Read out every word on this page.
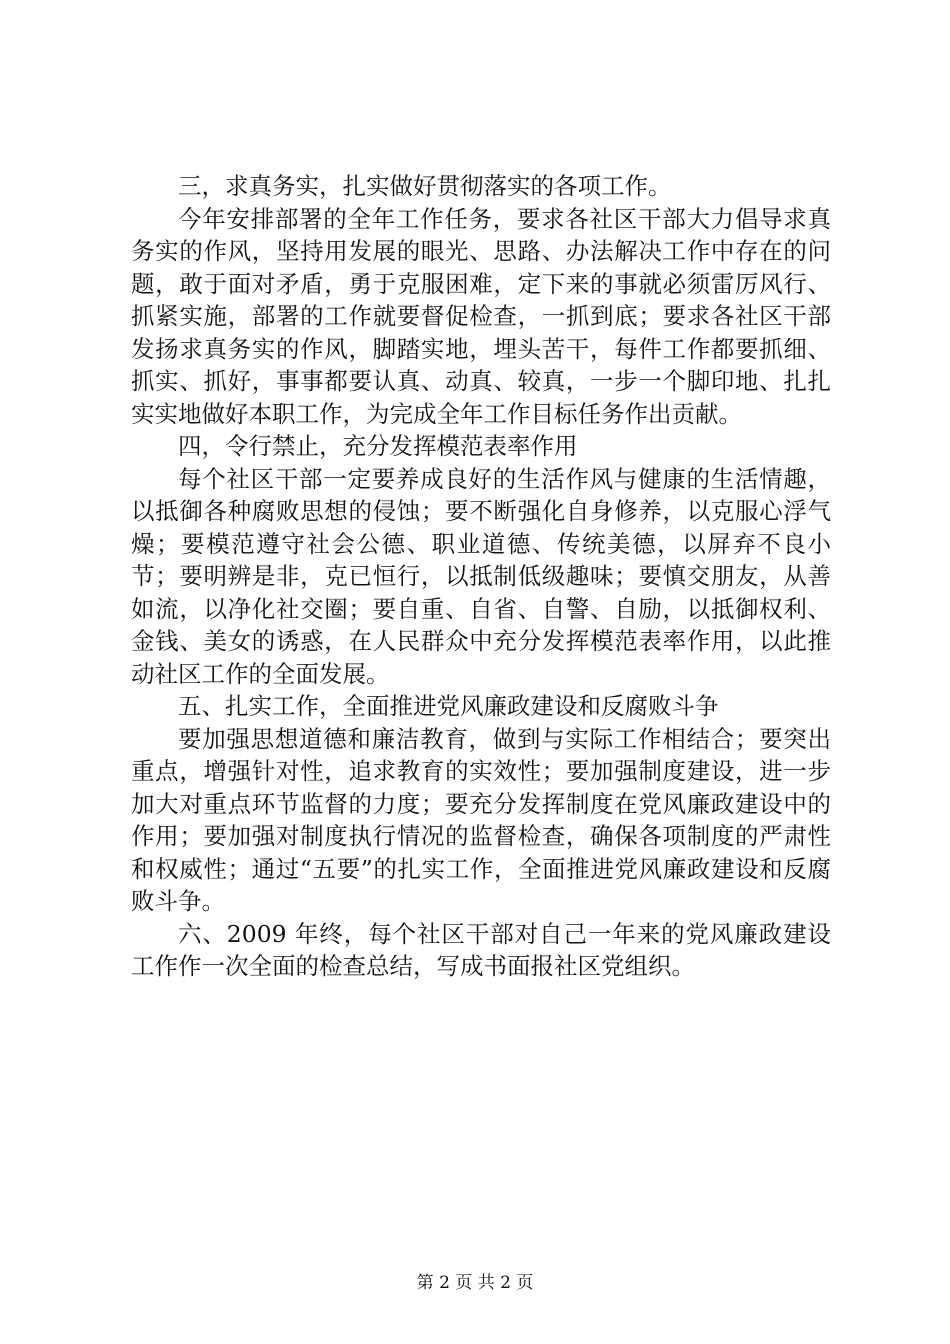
三，求真务实，扎实做好贯彻落实的各项工作。

今年安排部署的全年工作任务，要求各社区干部大力倡导求真务实的作风，坚持用发展的眼光、思路、办法解决工作中存在的问题，敢于面对矛盾，勇于克服困难，定下来的事就必须雷厉风行、抓紧实施，部署的工作就要督促检查，一抓到底；要求各社区干部发扬求真务实的作风，脚踏实地，埋头苦干，每件工作都要抓细、抓实、抓好，事事都要认真、动真、较真，一步一个脚印地、扎扎实实地做好本职工作，为完成全年工作目标任务作出贡献。

四，令行禁止，充分发挥模范表率作用

每个社区干部一定要养成良好的生活作风与健康的生活情趣，以抵御各种腐败思想的侵蚀；要不断强化自身修养，以克服心浮气燥；要模范遵守社会公德、职业道德、传统美德，以屏弃不良小节；要明辨是非，克已恒行，以抵制低级趣味；要慎交朋友，从善如流，以净化社交圈；要自重、自省、自警、自励，以抵御权利、金钱、美女的诱惑，在人民群众中充分发挥模范表率作用，以此推动社区工作的全面发展。

五、扎实工作，全面推进党风廉政建设和反腐败斗争

要加强思想道德和廉洁教育，做到与实际工作相结合；要突出重点，增强针对性，追求教育的实效性；要加强制度建设，进一步加大对重点环节监督的力度；要充分发挥制度在党风廉政建设中的作用；要加强对制度执行情况的监督检查，确保各项制度的严肃性和权威性；通过“五要”的扎实工作，全面推进党风廉政建设和反腐败斗争。

六、2009 年终，每个社区干部对自己一年来的党风廉政建设工作作一次全面的检查总结，写成书面报社区党组织。

第 2 页 共 2 页
